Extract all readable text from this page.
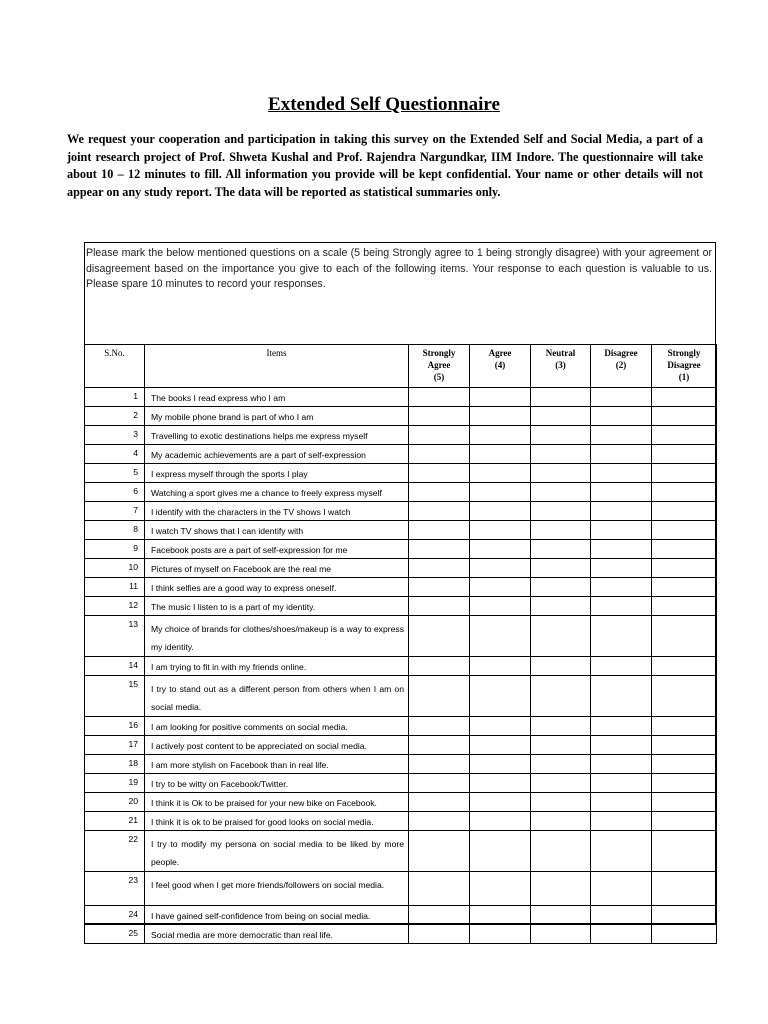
Extended Self Questionnaire

We request your cooperation and participation in taking this survey on the Extended Self and Social Media, a part of a joint research project of Prof. Shweta Kushal and Prof. Rajendra Nargundkar, IIM Indore. The questionnaire will take about 10 – 12 minutes to fill. All information you provide will be kept confidential. Your name or other details will not appear on any study report. The data will be reported as statistical summaries only.

Please mark the below mentioned questions on a scale (5 being Strongly agree to 1 being strongly disagree) with your agreement or disagreement based on the importance you give to each of the following items. Your response to each question is valuable to us. Please spare 10 minutes to record your responses.

S.No.	Items	Strongly
Agree
(5)	Agree
(4)	Neutral
(3)	Disagree
(2)	Strongly
Disagree
(1)
1	The books I read express who I am					
2	My mobile phone brand is part of who I am					
3	Travelling to exotic destinations helps me express myself					
4	My academic achievements are a part of self-expression					
5	I express myself through the sports I play					
6	Watching a sport gives me a chance to freely express myself					
7	I identify with the characters in the TV shows I watch					
8	I watch TV shows that I can identify with					
9	Facebook posts are a part of self-expression for me					
10	Pictures of myself on Facebook are the real me					
11	I think selfies are a good way to express oneself.					
12	The music I listen to is a part of my identity.					
13	My choice of brands for clothes/shoes/makeup is a way to express my identity.					
14	I am trying to fit in with my friends online.					
15	I try to stand out as a different person from others when I am on social media.					
16	I am looking for positive comments on social media.					
17	I actively post content to be appreciated on social media.					
18	I am more stylish on Facebook than in real life.					
19	I try to be witty on Facebook/Twitter.					
20	I think it is Ok to be praised for your new bike on Facebook.					
21	I think it is ok to be praised for good looks on social media.					
22	I try to modify my persona on social media to be liked by more people.					
23	I feel good when I get more friends/followers on social media.					
24	I have gained self-confidence from being on social media.					
25	Social media are more democratic than real life.					
